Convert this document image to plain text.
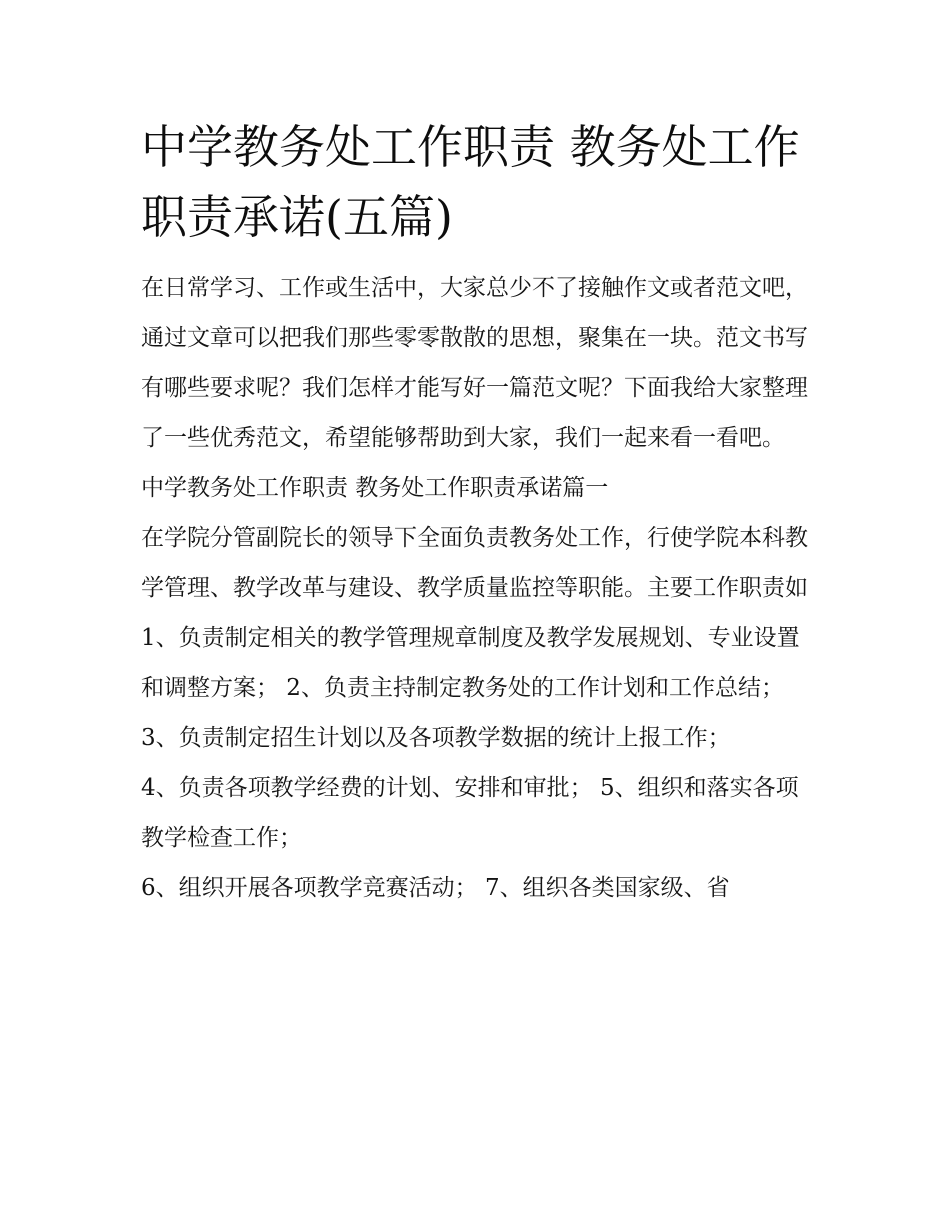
中学教务处工作职责 教务处工作职责承诺(五篇)

在日常学习、工作或生活中，大家总少不了接触作文或者范文吧，通过文章可以把我们那些零零散散的思想，聚集在一块。范文书写有哪些要求呢？我们怎样才能写好一篇范文呢？下面我给大家整理了一些优秀范文，希望能够帮助到大家，我们一起来看一看吧。

中学教务处工作职责 教务处工作职责承诺篇一

在学院分管副院长的领导下全面负责教务处工作，行使学院本科教学管理、教学改革与建设、教学质量监控等职能。主要工作职责如

1、负责制定相关的教学管理规章制度及教学发展规划、专业设置和调整方案； 2、负责主持制定教务处的工作计划和工作总结；

3、负责制定招生计划以及各项教学数据的统计上报工作；

4、负责各项教学经费的计划、安排和审批； 5、组织和落实各项教学检查工作；

6、组织开展各项教学竞赛活动； 7、组织各类国家级、省
